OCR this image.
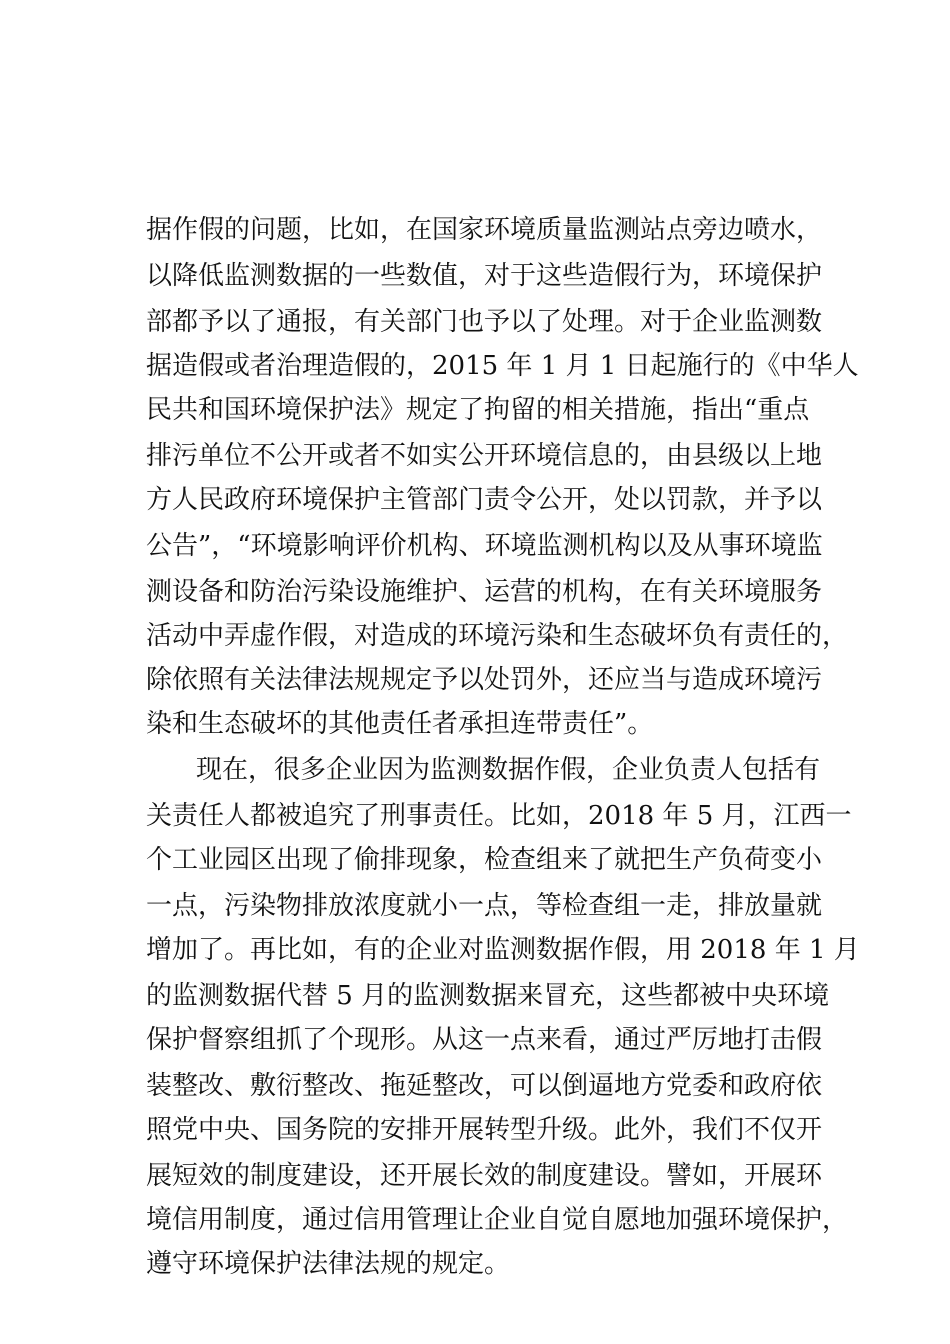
据作假的问题，比如，在国家环境质量监测站点旁边喷水，
以降低监测数据的一些数值，对于这些造假行为，环境保护
部都予以了通报，有关部门也予以了处理。对于企业监测数
据造假或者治理造假的，2015 年 1 月 1 日起施行的《中华人
民共和国环境保护法》规定了拘留的相关措施，指出“重点
排污单位不公开或者不如实公开环境信息的，由县级以上地
方人民政府环境保护主管部门责令公开，处以罚款，并予以
公告”，“环境影响评价机构、环境监测机构以及从事环境监
测设备和防治污染设施维护、运营的机构，在有关环境服务
活动中弄虚作假，对造成的环境污染和生态破坏负有责任的，
除依照有关法律法规规定予以处罚外，还应当与造成环境污
染和生态破坏的其他责任者承担连带责任”。
现在，很多企业因为监测数据作假，企业负责人包括有
关责任人都被追究了刑事责任。比如，2018 年 5 月，江西一
个工业园区出现了偷排现象，检查组来了就把生产负荷变小
一点，污染物排放浓度就小一点，等检查组一走，排放量就
增加了。再比如，有的企业对监测数据作假，用 2018 年 1 月
的监测数据代替 5 月的监测数据来冒充，这些都被中央环境
保护督察组抓了个现形。从这一点来看，通过严厉地打击假
装整改、敷衍整改、拖延整改，可以倒逼地方党委和政府依
照党中央、国务院的安排开展转型升级。此外，我们不仅开
展短效的制度建设，还开展长效的制度建设。譬如，开展环
境信用制度，通过信用管理让企业自觉自愿地加强环境保护，
遵守环境保护法律法规的规定。
